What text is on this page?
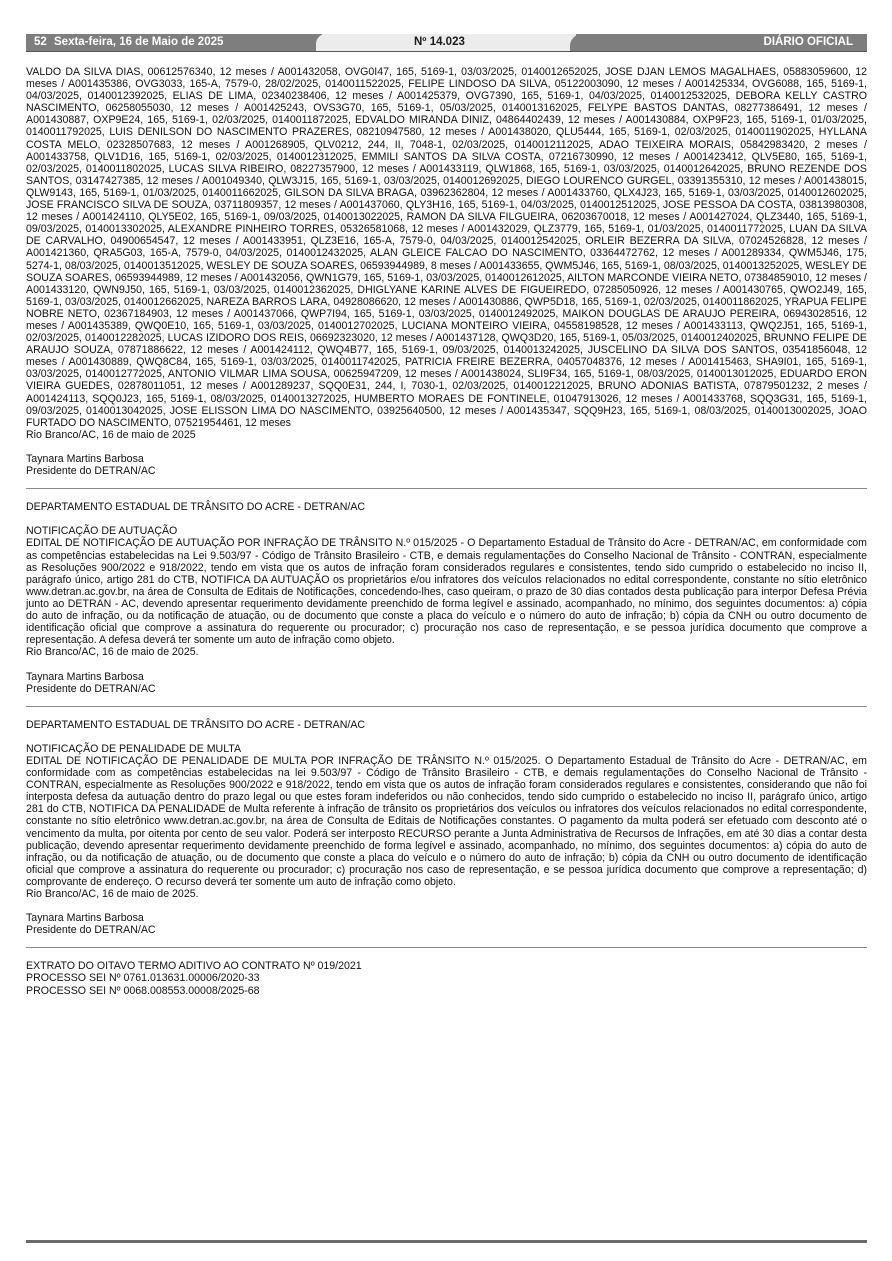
52 Sexta-feira, 16 de Maio de 2025	Nº 14.023	DIÁRIO OFICIAL

VALDO DA SILVA DIAS, 00612576340, 12 meses / A001432058, OVG0I47, 165, 5169-1, 03/03/2025, 0140012652025, JOSE DJAN LEMOS MAGALHAES, 05883059600, 12 meses / A001435386, OVG3033, 165-A, 7579-0, 28/02/2025, 0140011522025, FELIPE LINDOSO DA SILVA, 05122003090, 12 meses / A001425334, OVG6088, 165, 5169-1, 04/03/2025, 0140012392025, ELIAS DE LIMA, 02340238406, 12 meses / A001425379, OVG7390, 165, 5169-1, 04/03/2025, 0140012532025, DEBORA KELLY CASTRO NASCIMENTO, 06258055030, 12 meses / A001425243, OVS3G70, 165, 5169-1, 05/03/2025, 0140013162025, FELYPE BASTOS DANTAS, 08277386491, 12 meses / A001430887, OXP9E24, 165, 5169-1, 02/03/2025, 0140011872025, EDVALDO MIRANDA DINIZ, 04864402439, 12 meses / A001430884, OXP9F23, 165, 5169-1, 01/03/2025, 0140011792025, LUIS DENILSON DO NASCIMENTO PRAZERES, 08210947580, 12 meses / A001438020, QLU5444, 165, 5169-1, 02/03/2025, 0140011902025, HYLLANA COSTA MELO, 02328507683, 12 meses / A001268905, QLV0212, 244, II, 7048-1, 02/03/2025, 0140012112025, ADAO TEIXEIRA MORAIS, 05842983420, 2 meses / A001433758, QLV1D16, 165, 5169-1, 02/03/2025, 0140012312025, EMMILI SANTOS DA SILVA COSTA, 07216730990, 12 meses / A001423412, QLV5E80, 165, 5169-1, 02/03/2025, 0140011802025, LUCAS SILVA RIBEIRO, 08227357900, 12 meses / A001433119, QLW1868, 165, 5169-1, 03/03/2025, 0140012642025, BRUNO REZENDE DOS SANTOS, 03147427385, 12 meses / A001049340, QLW3J15, 165, 5169-1, 03/03/2025, 0140012692025, DIEGO LOURENCO GURGEL, 03391355310, 12 meses / A001438015, QLW9143, 165, 5169-1, 01/03/2025, 0140011662025, GILSON DA SILVA BRAGA, 03962362804, 12 meses / A001433760, QLX4J23, 165, 5169-1, 03/03/2025, 0140012602025, JOSE FRANCISCO SILVA DE SOUZA, 03711809357, 12 meses / A001437060, QLY3H16, 165, 5169-1, 04/03/2025, 0140012512025, JOSE PESSOA DA COSTA, 03813980308, 12 meses / A001424110, QLY5E02, 165, 5169-1, 09/03/2025, 0140013022025, RAMON DA SILVA FILGUEIRA, 06203670018, 12 meses / A001427024, QLZ3440, 165, 5169-1, 09/03/2025, 0140013302025, ALEXANDRE PINHEIRO TORRES, 05326581068, 12 meses / A001432029, QLZ3779, 165, 5169-1, 01/03/2025, 0140011772025, LUAN DA SILVA DE CARVALHO, 04900654547, 12 meses / A001433951, QLZ3E16, 165-A, 7579-0, 04/03/2025, 0140012542025, ORLEIR BEZERRA DA SILVA, 07024526828, 12 meses / A001421360, QRA5G03, 165-A, 7579-0, 04/03/2025, 0140012432025, ALAN GLEICE FALCAO DO NASCIMENTO, 03364472762, 12 meses / A001289334, QWM5J46, 175, 5274-1, 08/03/2025, 0140013512025, WESLEY DE SOUZA SOARES, 06593944989, 8 meses / A001433655, QWM5J46, 165, 5169-1, 08/03/2025, 0140013252025, WESLEY DE SOUZA SOARES, 06593944989, 12 meses / A001432056, QWN1G79, 165, 5169-1, 03/03/2025, 0140012612025, AILTON MARCONDE VIEIRA NETO, 07384859010, 12 meses / A001433120, QWN9J50, 165, 5169-1, 03/03/2025, 0140012362025, DHIGLYANE KARINE ALVES DE FIGUEIREDO, 07285050926, 12 meses / A001430765, QWO2J49, 165, 5169-1, 03/03/2025, 0140012662025, NAREZA BARROS LARA, 04928086620, 12 meses / A001430886, QWP5D18, 165, 5169-1, 02/03/2025, 0140011862025, YRAPUA FELIPE NOBRE NETO, 02367184903, 12 meses / A001437066, QWP7I94, 165, 5169-1, 03/03/2025, 0140012492025, MAIKON DOUGLAS DE ARAUJO PEREIRA, 06943028516, 12 meses / A001435389, QWQ0E10, 165, 5169-1, 03/03/2025, 0140012702025, LUCIANA MONTEIRO VIEIRA, 04558198528, 12 meses / A001433113, QWQ2J51, 165, 5169-1, 02/03/2025, 0140012282025, LUCAS IZIDORO DOS REIS, 06692323020, 12 meses / A001437128, QWQ3D20, 165, 5169-1, 05/03/2025, 0140012402025, BRUNNO FELIPE DE ARAUJO SOUZA, 07871886622, 12 meses / A001424112, QWQ4B77, 165, 5169-1, 09/03/2025, 0140013242025, JUSCELINO DA SILVA DOS SANTOS, 03541856048, 12 meses / A001430889, QWQ8C84, 165, 5169-1, 03/03/2025, 0140011742025, PATRICIA FREIRE BEZERRA, 04057048376, 12 meses / A001415463, SHA9I01, 165, 5169-1, 03/03/2025, 0140012772025, ANTONIO VILMAR LIMA SOUSA, 00625947209, 12 meses / A001438024, SLI9F34, 165, 5169-1, 08/03/2025, 0140013012025, EDUARDO ERON VIEIRA GUEDES, 02878011051, 12 meses / A001289237, SQQ0E31, 244, I, 7030-1, 02/03/2025, 0140012212025, BRUNO ADONIAS BATISTA, 07879501232, 2 meses / A001424113, SQQ0J23, 165, 5169-1, 08/03/2025, 0140013272025, HUMBERTO MORAES DE FONTINELE, 01047913026, 12 meses / A001433768, SQQ3G31, 165, 5169-1, 09/03/2025, 0140013042025, JOSE ELISSON LIMA DO NASCIMENTO, 03925640500, 12 meses / A001435347, SQQ9H23, 165, 5169-1, 08/03/2025, 0140013002025, JOAO FURTADO DO NASCIMENTO, 07521954461, 12 meses

Rio Branco/AC, 16 de maio de 2025

Taynara Martins Barbosa

Presidente do DETRAN/AC

DEPARTAMENTO ESTADUAL DE TRÂNSITO DO ACRE - DETRAN/AC

NOTIFICAÇÃO DE AUTUAÇÃO

EDITAL DE NOTIFICAÇÃO DE AUTUAÇÃO POR INFRAÇÃO DE TRÂNSITO N.º 015/2025 - O Departamento Estadual de Trânsito do Acre - DETRAN/AC, em conformidade com as competências estabelecidas na Lei 9.503/97 - Código de Trânsito Brasileiro - CTB, e demais regulamentações do Conselho Nacional de Trânsito - CONTRAN, especialmente as Resoluções 900/2022 e 918/2022, tendo em vista que os autos de infração foram considerados regulares e consistentes, tendo sido cumprido o estabelecido no inciso II, parágrafo único, artigo 281 do CTB, NOTIFICA DA AUTUAÇÃO os proprietários e/ou infratores dos veículos relacionados no edital correspondente, constante no sítio eletrônico www.detran.ac.gov.br, na área de Consulta de Editais de Notificações, concedendo-lhes, caso queiram, o prazo de 30 dias contados desta publicação para interpor Defesa Prévia junto ao DETRAN - AC, devendo apresentar requerimento devidamente preenchido de forma legível e assinado, acompanhado, no mínimo, dos seguintes documentos: a) cópia do auto de infração, ou da notificação de atuação, ou de documento que conste a placa do veículo e o número do auto de infração; b) cópia da CNH ou outro documento de identificação oficial que comprove a assinatura do requerente ou procurador; c) procuração nos caso de representação, e se pessoa jurídica documento que comprove a representação. A defesa deverá ter somente um auto de infração como objeto.

Rio Branco/AC, 16 de maio de 2025.

Taynara Martins Barbosa

Presidente do DETRAN/AC

DEPARTAMENTO ESTADUAL DE TRÂNSITO DO ACRE - DETRAN/AC

NOTIFICAÇÃO DE PENALIDADE DE MULTA

EDITAL DE NOTIFICAÇÃO DE PENALIDADE DE MULTA POR INFRAÇÃO DE TRÂNSITO N.º 015/2025. O Departamento Estadual de Trânsito do Acre - DETRAN/AC, em conformidade com as competências estabelecidas na lei 9.503/97 - Código de Trânsito Brasileiro - CTB, e demais regulamentações do Conselho Nacional de Trânsito - CONTRAN, especialmente as Resoluções 900/2022 e 918/2022, tendo em vista que os autos de infração foram considerados regulares e consistentes, considerando que não foi interposta defesa da autuação dentro do prazo legal ou que estes foram indeferidos ou não conhecidos, tendo sido cumprido o estabelecido no inciso II, parágrafo único, artigo 281 do CTB, NOTIFICA DA PENALIDADE de Multa referente à infração de trânsito os proprietários dos veículos ou infratores dos veículos relacionados no edital correspondente, constante no sítio eletrônico www.detran.ac.gov.br, na área de Consulta de Editais de Notificações constantes. O pagamento da multa poderá ser efetuado com desconto até o vencimento da multa, por oitenta por cento de seu valor. Poderá ser interposto RECURSO perante a Junta Administrativa de Recursos de Infrações, em até 30 dias a contar desta publicação, devendo apresentar requerimento devidamente preenchido de forma legível e assinado, acompanhado, no mínimo, dos seguintes documentos: a) cópia do auto de infração, ou da notificação de atuação, ou de documento que conste a placa do veículo e o número do auto de infração; b) cópia da CNH ou outro documento de identificação oficial que comprove a assinatura do requerente ou procurador; c) procuração nos caso de representação, e se pessoa jurídica documento que comprove a representação; d) comprovante de endereço. O recurso deverá ter somente um auto de infração como objeto.

Rio Branco/AC, 16 de maio de 2025.

Taynara Martins Barbosa

Presidente do DETRAN/AC

EXTRATO DO OITAVO TERMO ADITIVO AO CONTRATO Nº 019/2021

PROCESSO SEI Nº 0761.013631.00006/2020-33

PROCESSO SEI Nº 0068.008553.00008/2025-68
